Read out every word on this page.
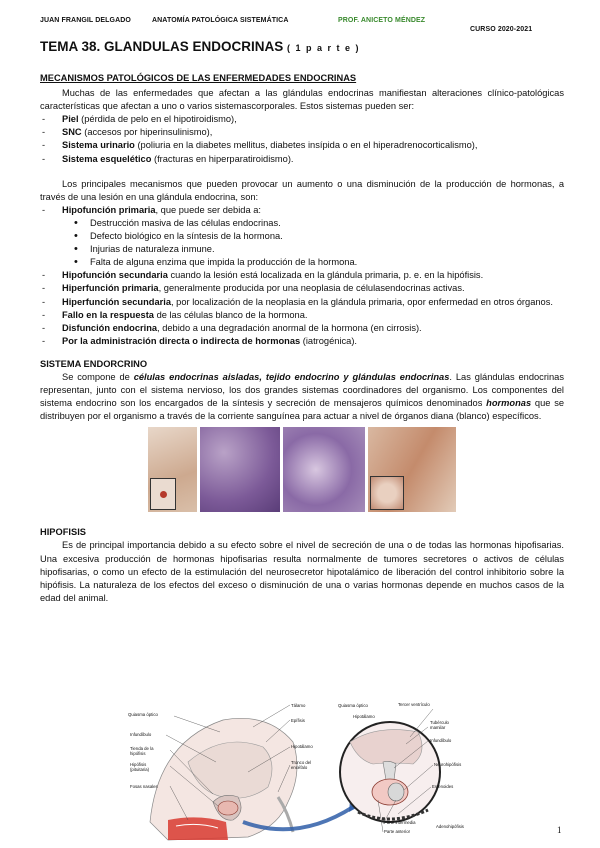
JUAN FRANGIL DELGADO	ANATOMÍA PATOLÓGICA SISTEMÁTICA	PROF. ANICETO MÉNDEZ
CURSO 2020-2021
TEMA 38. GLANDULAS ENDOCRINAS ( 1 p a r t e )
MECANISMOS PATOLÓGICOS DE LAS ENFERMEDADES ENDOCRINAS

Muchas de las enfermedades que afectan a las glándulas endocrinas manifiestan alteraciones clínico-patológicas características que afectan a uno o varios sistemascorporales. Estos sistemas pueden ser:

- Piel (pérdida de pelo en el hipotiroidismo),
- SNC (accesos por hiperinsulinismo),
- Sistema urinario (poliuria en la diabetes mellitus, diabetes insípida o en el hiperadrenocorticalismo),
- Sistema esquelético (fracturas en hiperparatiroidismo).

Los principales mecanismos que pueden provocar un aumento o una disminución de la producción de hormonas, a través de una lesión en una glándula endocrina, son:

- Hipofunción primaria, que puede ser debida a:
• Destrucción masiva de las células endocrinas.
• Defecto biológico en la síntesis de la hormona.
• Injurias de naturaleza inmune.
• Falta de alguna enzima que impida la producción de la hormona.
- Hipofunción secundaria cuando la lesión está localizada en la glándula primaria, p. e. en la hipófisis.
- Hiperfunción primaria, generalmente producida por una neoplasia de célulasendocrinas activas.
- Hiperfunción secundaria, por localización de la neoplasia en la glándula primaria, opor enfermedad en otros órganos.
- Fallo en la respuesta de las células blanco de la hormona.
- Disfunción endocrina, debido a una degradación anormal de la hormona (en cirrosis).
- Por la administración directa o indirecta de hormonas (iatrogénica).
SISTEMA ENDORCRINO

Se compone de células endocrinas aisladas, tejido endocrino y glándulas endocrinas. Las glándulas endocrinas representan, junto con el sistema nervioso, los dos grandes sistemas coordinadores del organismo. Los componentes del sistema endocrino son los encargados de la síntesis y secreción de mensajeros químicos denominados hormonas que se distribuyen por el organismo a través de la corriente sanguínea para actuar a nivel de órganos diana (blanco) específicos.

HIPOFISIS

Es de principal importancia debido a su efecto sobre el nivel de secreción de una o de todas las hormonas hipofisarias. Una excesiva producción de hormonas hipofisarias resulta normalmente de tumores secretores o activos de células hipofisarias, o como un efecto de la estimulación del neurosecretor hipotalámico de liberación del control inhibitorio sobre la hipófisis. La naturaleza de los efectos del exceso o disminución de una o varias hormonas depende en muchos casos de la edad del animal.

Quiasma óptico
Infundíbulo
Tienda de la hipófisis
Hipófisis (pituitaria)
Fosas nasales
Tálamo
Epífisis
Hipotálamo
Tronco del encéfalo
Quiasma óptico
Hipotálamo
Tercer ventrículo
Tubérculo mamilar
Infundíbulo
Neurohipófisis
Esfenoides
Parte intermedia
Parte anterior
Adenohipófisis	1
